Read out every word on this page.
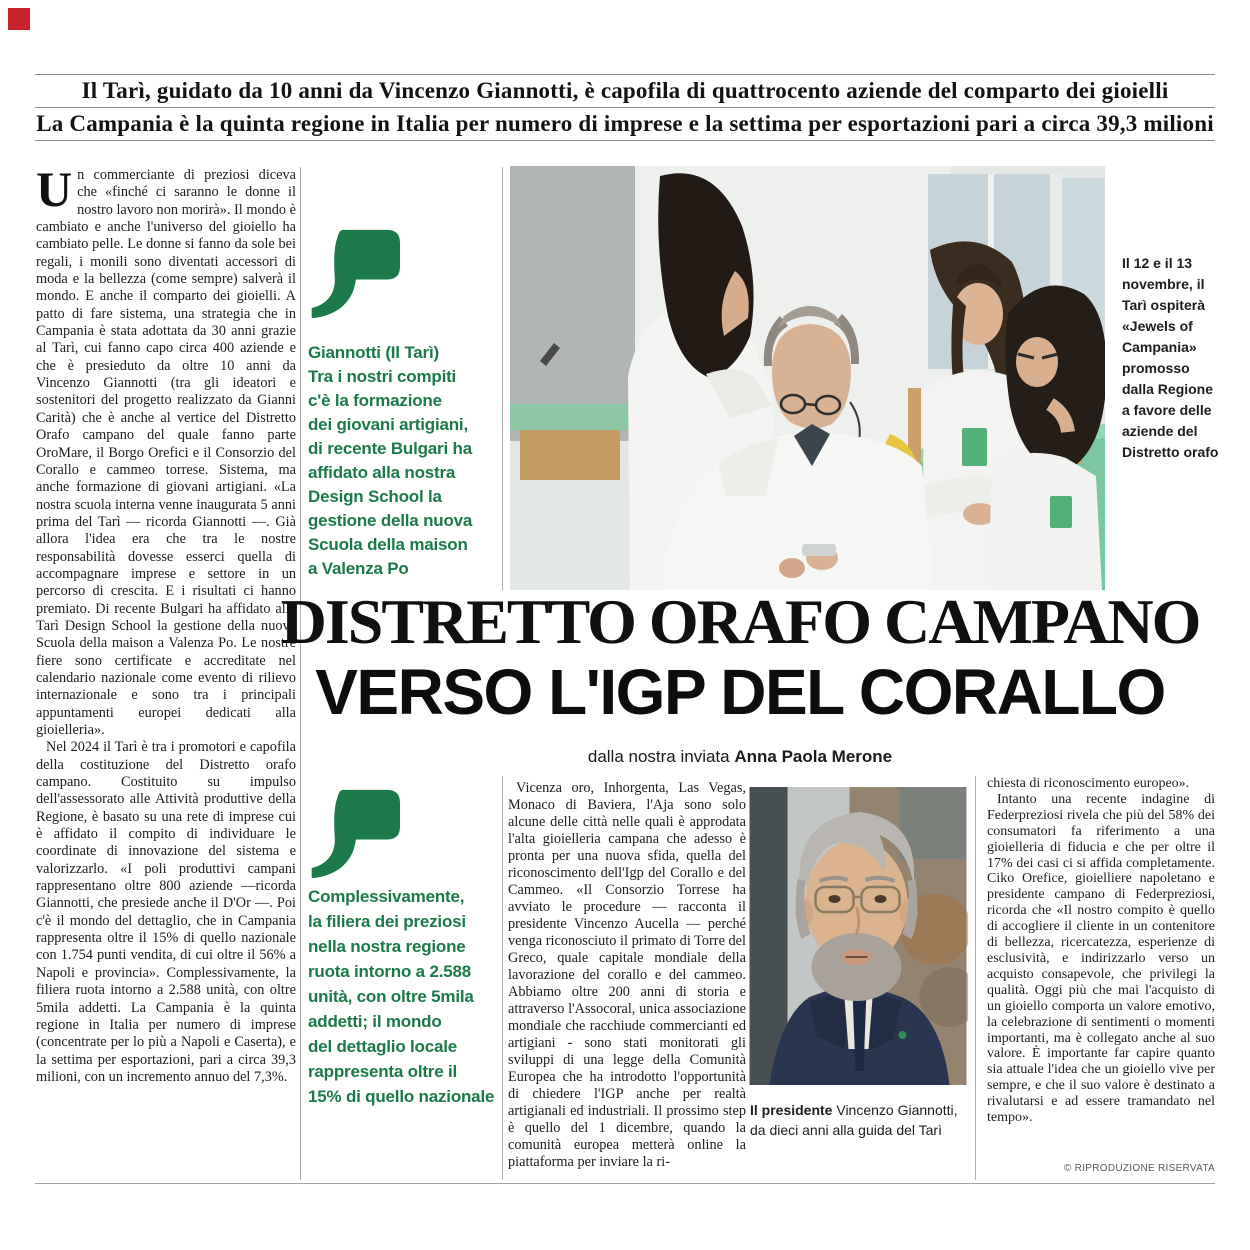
Il Tarì, guidato da 10 anni da Vincenzo Giannotti, è capofila di quattrocento aziende del comparto dei gioielli
La Campania è la quinta regione in Italia per numero di imprese e la settima per esportazioni pari a circa 39,3 milioni

Un commerciante di preziosi diceva che «finché ci saranno le donne il nostro lavoro non morirà». Il mondo è cambiato e anche l'universo del gioiello ha cambiato pelle. Le donne si fanno da sole bei regali, i monili sono diventati accessori di moda e la bellezza (come sempre) salverà il mondo. E anche il comparto dei gioielli. A patto di fare sistema, una strategia che in Campania è stata adottata da 30 anni grazie al Tarì, cui fanno capo circa 400 aziende e che è presieduto da oltre 10 anni da Vincenzo Giannotti (tra gli ideatori e sostenitori del progetto realizzato da Gianni Carità) che è anche al vertice del Distretto Orafo campano del quale fanno parte OroMare, il Borgo Orefici e il Consorzio del Corallo e cammeo torrese. Sistema, ma anche formazione di giovani artigiani. «La nostra scuola interna venne inaugurata 5 anni prima del Tarì — ricorda Giannotti —. Già allora l'idea era che tra le nostre responsabilità dovesse esserci quella di accompagnare imprese e settore in un percorso di crescita. E i risultati ci hanno premiato. Di recente Bulgari ha affidato alla Tarì Design School la gestione della nuova Scuola della maison a Valenza Po. Le nostre fiere sono certificate e accreditate nel calendario nazionale come evento di rilievo internazionale e sono tra i principali appuntamenti europei dedicati alla gioielleria».

Nel 2024 il Tarì è tra i promotori e capofila della costituzione del Distretto orafo campano. Costituito su impulso dell'assessorato alle Attività produttive della Regione, è basato su una rete di imprese cui è affidato il compito di individuare le coordinate di innovazione del sistema e valorizzarlo. «I poli produttivi campani rappresentano oltre 800 aziende —ricorda Giannotti, che presiede anche il D'Or —. Poi c'è il mondo del dettaglio, che in Campania rappresenta oltre il 15% di quello nazionale con 1.754 punti vendita, di cui oltre il 56% a Napoli e provincia». Complessivamente, la filiera ruota intorno a 2.588 unità, con oltre 5mila addetti. La Campania è la quinta regione in Italia per numero di imprese (concentrate per lo più a Napoli e Caserta), e la settima per esportazioni, pari a circa 39,3 milioni, con un incremento annuo del 7,3%.

Giannotti (Il Tarì)
Tra i nostri compiti
c'è la formazione
dei giovani artigiani,
di recente Bulgari ha
affidato alla nostra
Design School la
gestione della nuova
Scuola della maison
a Valenza Po
Complessivamente,
la filiera dei preziosi
nella nostra regione
ruota intorno a 2.588
unità, con oltre 5mila
addetti; il mondo
del dettaglio locale
rappresenta oltre il
15% di quello nazionale
Il 12 e il 13
novembre, il
Tarì ospiterà
«Jewels of
Campania»
promosso
dalla Regione
a favore delle
aziende del
Distretto orafo
DISTRETTO ORAFO CAMPANO
VERSO L'IGP DEL CORALLO
dalla nostra inviata Anna Paola Merone

Vicenza oro, Inhorgenta, Las Vegas, Monaco di Baviera, l'Aja sono solo alcune delle città nelle quali è approdata l'alta gioielleria campana che adesso è pronta per una nuova sfida, quella del riconoscimento dell'Igp del Corallo e del Cammeo. «Il Consorzio Torrese ha avviato le procedure — racconta il presidente Vincenzo Aucella — perché venga riconosciuto il primato di Torre del Greco, quale capitale mondiale della lavorazione del corallo e del cammeo. Abbiamo oltre 200 anni di storia e attraverso l'Assocoral, unica associazione mondiale che racchiude commercianti ed artigiani - sono stati monitorati gli sviluppi di una legge della Comunità Europea che ha introdotto l'opportunità di chiedere l'IGP anche per realtà artigianali ed industriali. Il prossimo step è quello del 1 dicembre, quando la comunità europea metterà online la piattaforma per inviare la ri-

Il presidente Vincenzo Giannotti,
da dieci anni alla guida del Tarì

chiesta di riconoscimento europeo».

Intanto una recente indagine di Federpreziosi rivela che più del 58% dei consumatori fa riferimento a una gioielleria di fiducia e che per oltre il 17% dei casi ci si affida completamente. Ciko Orefice, gioielliere napoletano e presidente campano di Federpreziosi, ricorda che «Il nostro compito è quello di accogliere il cliente in un contenitore di bellezza, ricercatezza, esperienze di esclusività, e indirizzarlo verso un acquisto consapevole, che privilegi la qualità. Oggi più che mai l'acquisto di un gioiello comporta un valore emotivo, la celebrazione di sentimenti o momenti importanti, ma è collegato anche al suo valore. È importante far capire quanto sia attuale l'idea che un gioiello vive per sempre, e che il suo valore è destinato a rivalutarsi e ad essere tramandato nel tempo».

© RIPRODUZIONE RISERVATA
